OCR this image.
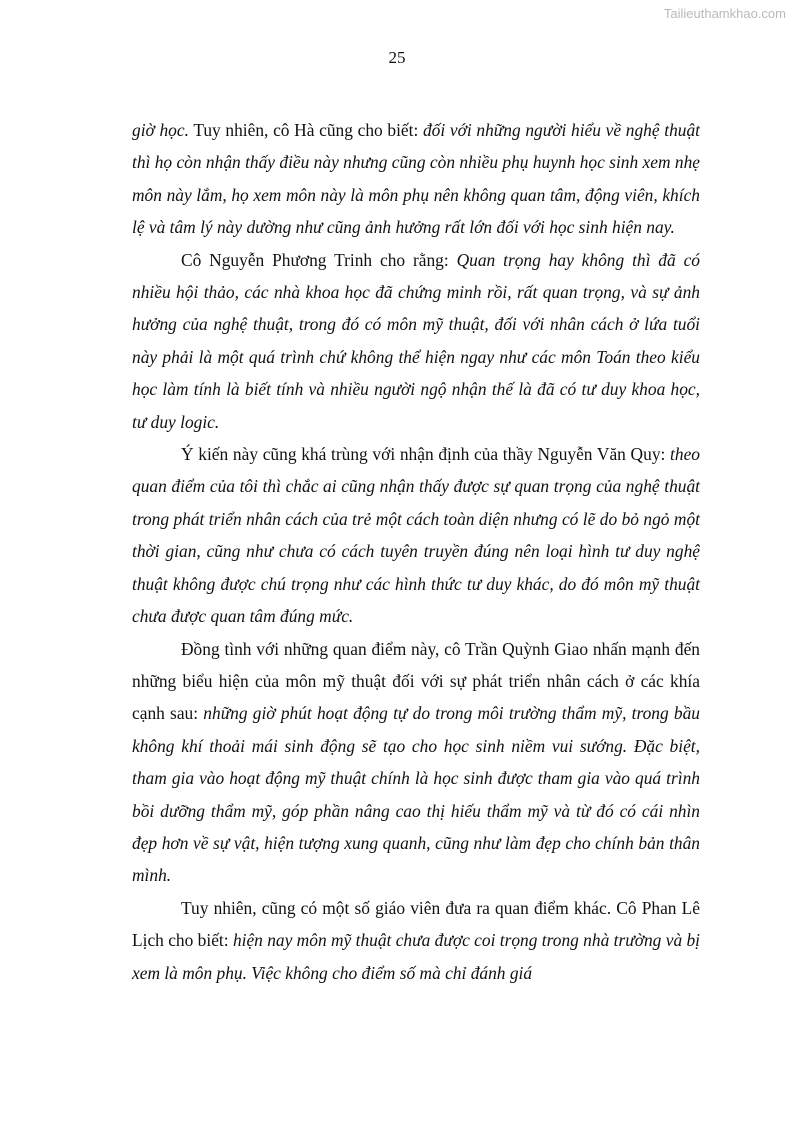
Tailieuthamkhao.com
25

giờ học. Tuy nhiên, cô Hà cũng cho biết: đối với những người hiểu về nghệ thuật thì họ còn nhận thấy điều này nhưng cũng còn nhiều phụ huynh học sinh xem nhẹ môn này lắm, họ xem môn này là môn phụ nên không quan tâm, động viên, khích lệ và tâm lý này dường như cũng ảnh hưởng rất lớn đối với học sinh hiện nay.

Cô Nguyễn Phương Trinh cho rằng: Quan trọng hay không thì đã có nhiều hội thảo, các nhà khoa học đã chứng minh rồi, rất quan trọng, và sự ảnh hưởng của nghệ thuật, trong đó có môn mỹ thuật, đối với nhân cách ở lứa tuổi này phải là một quá trình chứ không thể hiện ngay như các môn Toán theo kiểu học làm tính là biết tính và nhiều người ngộ nhận thế là đã có tư duy khoa học, tư duy logic.

Ý kiến này cũng khá trùng với nhận định của thầy Nguyễn Văn Quy: theo quan điểm của tôi thì chắc ai cũng nhận thấy được sự quan trọng của nghệ thuật trong phát triển nhân cách của trẻ một cách toàn diện nhưng có lẽ do bỏ ngỏ một thời gian, cũng như chưa có cách tuyên truyền đúng nên loại hình tư duy nghệ thuật không được chú trọng như các hình thức tư duy khác, do đó môn mỹ thuật chưa được quan tâm đúng mức.

Đồng tình với những quan điểm này, cô Trần Quỳnh Giao nhấn mạnh đến những biểu hiện của môn mỹ thuật đối với sự phát triển nhân cách ở các khía cạnh sau: những giờ phút hoạt động tự do trong môi trường thẩm mỹ, trong bầu không khí thoải mái sinh động sẽ tạo cho học sinh niềm vui sướng. Đặc biệt, tham gia vào hoạt động mỹ thuật chính là học sinh được tham gia vào quá trình bồi dưỡng thẩm mỹ, góp phần nâng cao thị hiếu thẩm mỹ và từ đó có cái nhìn đẹp hơn về sự vật, hiện tượng xung quanh, cũng như làm đẹp cho chính bản thân mình.

Tuy nhiên, cũng có một số giáo viên đưa ra quan điểm khác. Cô Phan Lê Lịch cho biết: hiện nay môn mỹ thuật chưa được coi trọng trong nhà trường và bị xem là môn phụ. Việc không cho điểm số mà chỉ đánh giá
